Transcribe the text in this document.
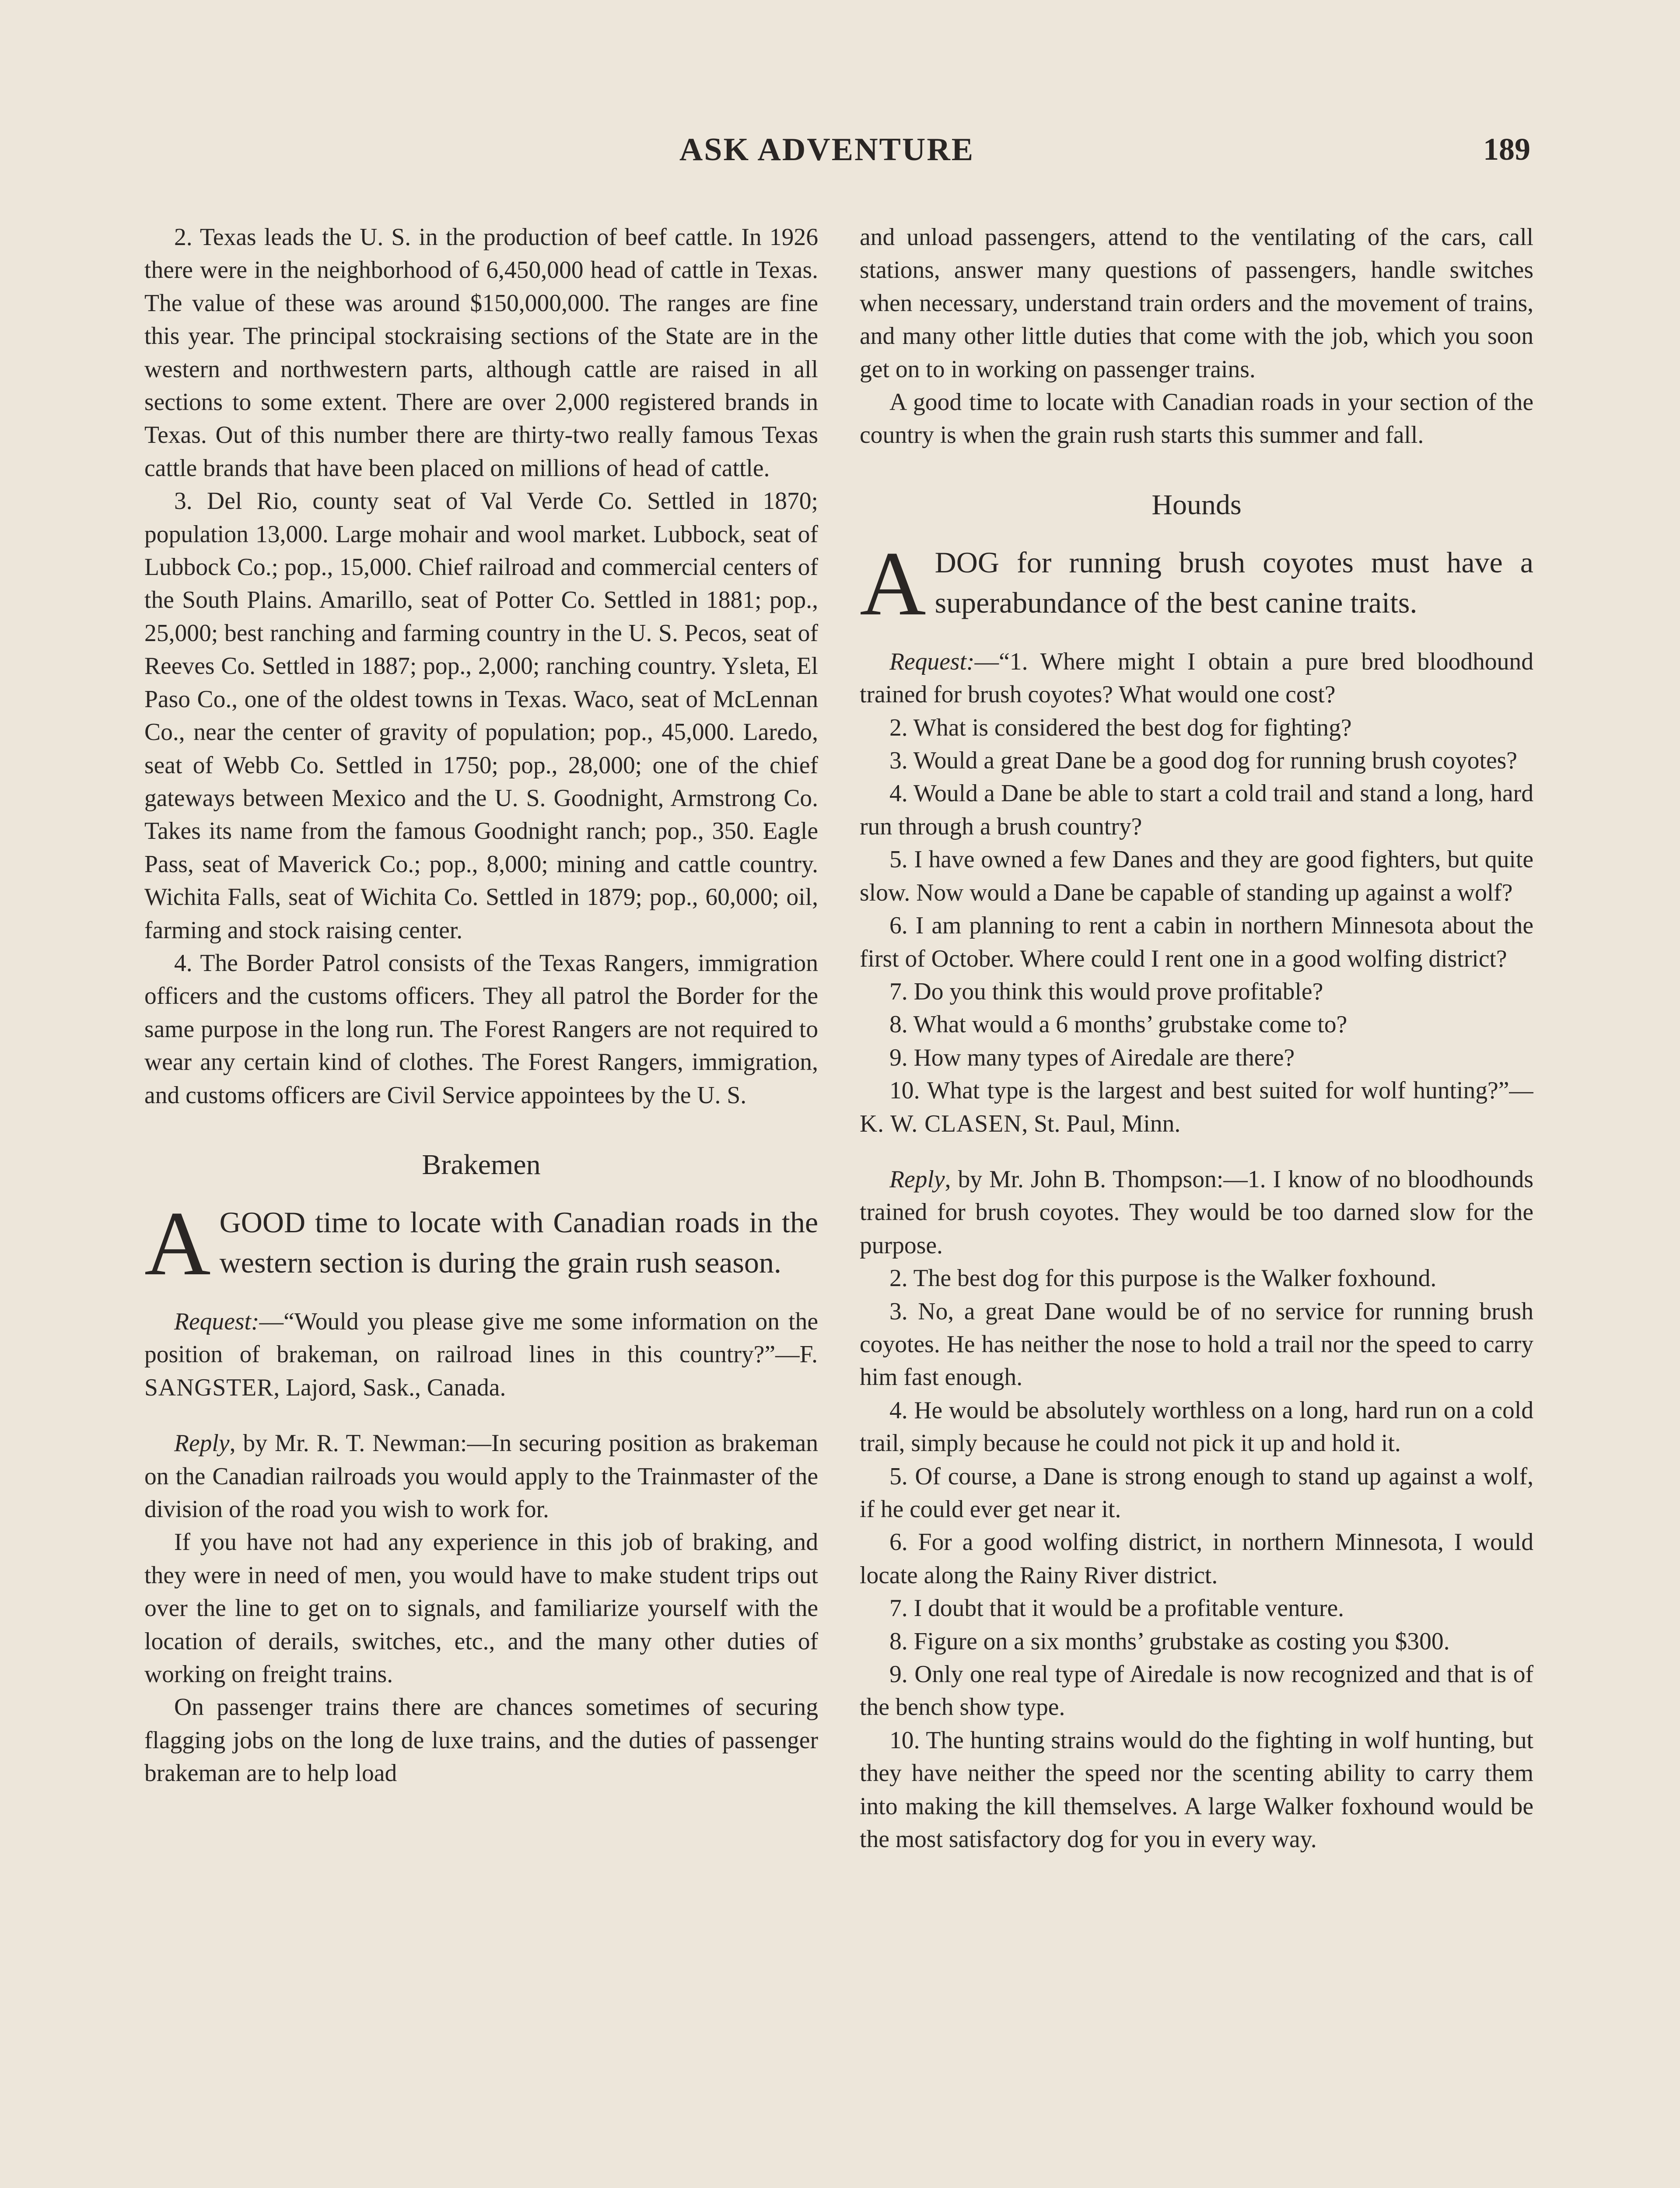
ASK ADVENTURE	189

2. Texas leads the U. S. in the production of beef cattle. In 1926 there were in the neighborhood of 6,450,000 head of cattle in Texas. The value of these was around $150,000,000. The ranges are fine this year. The principal stockraising sections of the State are in the western and northwestern parts, although cattle are raised in all sections to some extent. There are over 2,000 registered brands in Texas. Out of this number there are thirty-two really famous Texas cattle brands that have been placed on millions of head of cattle.

3. Del Rio, county seat of Val Verde Co. Settled in 1870; population 13,000. Large mohair and wool market. Lubbock, seat of Lubbock Co.; pop., 15,000. Chief railroad and commercial centers of the South Plains. Amarillo, seat of Potter Co. Settled in 1881; pop., 25,000; best ranching and farming country in the U. S. Pecos, seat of Reeves Co. Settled in 1887; pop., 2,000; ranching country. Ysleta, El Paso Co., one of the oldest towns in Texas. Waco, seat of McLennan Co., near the center of gravity of population; pop., 45,000. Laredo, seat of Webb Co. Settled in 1750; pop., 28,000; one of the chief gateways between Mexico and the U. S. Goodnight, Armstrong Co. Takes its name from the famous Goodnight ranch; pop., 350. Eagle Pass, seat of Maverick Co.; pop., 8,000; mining and cattle country. Wichita Falls, seat of Wichita Co. Settled in 1879; pop., 60,000; oil, farming and stock raising center.

4. The Border Patrol consists of the Texas Rangers, immigration officers and the customs officers. They all patrol the Border for the same purpose in the long run. The Forest Rangers are not required to wear any certain kind of clothes. The Forest Rangers, immigration, and customs officers are Civil Service appointees by the U. S.

Brakemen

A GOOD time to locate with Canadian roads in the western section is during the grain rush season.

Request:—“Would you please give me some information on the position of brakeman, on railroad lines in this country?”—F. SANGSTER, Lajord, Sask., Canada.

Reply, by Mr. R. T. Newman:—In securing position as brakeman on the Canadian railroads you would apply to the Trainmaster of the division of the road you wish to work for.

If you have not had any experience in this job of braking, and they were in need of men, you would have to make student trips out over the line to get on to signals, and familiarize yourself with the location of derails, switches, etc., and the many other duties of working on freight trains.

On passenger trains there are chances sometimes of securing flagging jobs on the long de luxe trains, and the duties of passenger brakeman are to help load

and unload passengers, attend to the ventilating of the cars, call stations, answer many questions of passengers, handle switches when necessary, understand train orders and the movement of trains, and many other little duties that come with the job, which you soon get on to in working on passenger trains.

A good time to locate with Canadian roads in your section of the country is when the grain rush starts this summer and fall.

Hounds

A DOG for running brush coyotes must have a superabundance of the best canine traits.

Request:—“1. Where might I obtain a pure bred bloodhound trained for brush coyotes? What would one cost?

2. What is considered the best dog for fighting?

3. Would a great Dane be a good dog for running brush coyotes?

4. Would a Dane be able to start a cold trail and stand a long, hard run through a brush country?

5. I have owned a few Danes and they are good fighters, but quite slow. Now would a Dane be capable of standing up against a wolf?

6. I am planning to rent a cabin in northern Minnesota about the first of October. Where could I rent one in a good wolfing district?

7. Do you think this would prove profitable?

8. What would a 6 months’ grubstake come to?

9. How many types of Airedale are there?

10. What type is the largest and best suited for wolf hunting?”—K. W. CLASEN, St. Paul, Minn.

Reply, by Mr. John B. Thompson:—1. I know of no bloodhounds trained for brush coyotes. They would be too darned slow for the purpose.

2. The best dog for this purpose is the Walker foxhound.

3. No, a great Dane would be of no service for running brush coyotes. He has neither the nose to hold a trail nor the speed to carry him fast enough.

4. He would be absolutely worthless on a long, hard run on a cold trail, simply because he could not pick it up and hold it.

5. Of course, a Dane is strong enough to stand up against a wolf, if he could ever get near it.

6. For a good wolfing district, in northern Minnesota, I would locate along the Rainy River district.

7. I doubt that it would be a profitable venture.

8. Figure on a six months’ grubstake as costing you $300.

9. Only one real type of Airedale is now recognized and that is of the bench show type.

10. The hunting strains would do the fighting in wolf hunting, but they have neither the speed nor the scenting ability to carry them into making the kill themselves. A large Walker foxhound would be the most satisfactory dog for you in every way.
